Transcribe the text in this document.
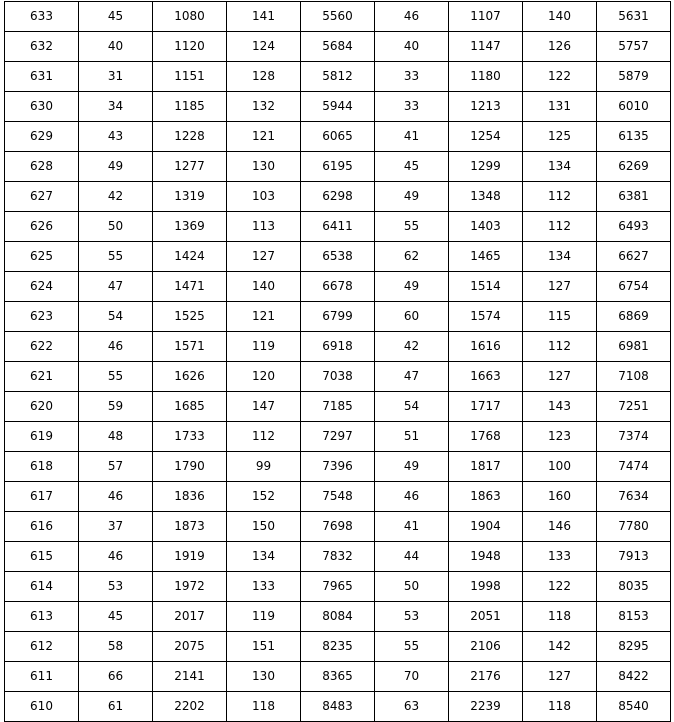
633	45	1080	141	5560	46	1107	140	5631
632	40	1120	124	5684	40	1147	126	5757
631	31	1151	128	5812	33	1180	122	5879
630	34	1185	132	5944	33	1213	131	6010
629	43	1228	121	6065	41	1254	125	6135
628	49	1277	130	6195	45	1299	134	6269
627	42	1319	103	6298	49	1348	112	6381
626	50	1369	113	6411	55	1403	112	6493
625	55	1424	127	6538	62	1465	134	6627
624	47	1471	140	6678	49	1514	127	6754
623	54	1525	121	6799	60	1574	115	6869
622	46	1571	119	6918	42	1616	112	6981
621	55	1626	120	7038	47	1663	127	7108
620	59	1685	147	7185	54	1717	143	7251
619	48	1733	112	7297	51	1768	123	7374
618	57	1790	99	7396	49	1817	100	7474
617	46	1836	152	7548	46	1863	160	7634
616	37	1873	150	7698	41	1904	146	7780
615	46	1919	134	7832	44	1948	133	7913
614	53	1972	133	7965	50	1998	122	8035
613	45	2017	119	8084	53	2051	118	8153
612	58	2075	151	8235	55	2106	142	8295
611	66	2141	130	8365	70	2176	127	8422
610	61	2202	118	8483	63	2239	118	8540
